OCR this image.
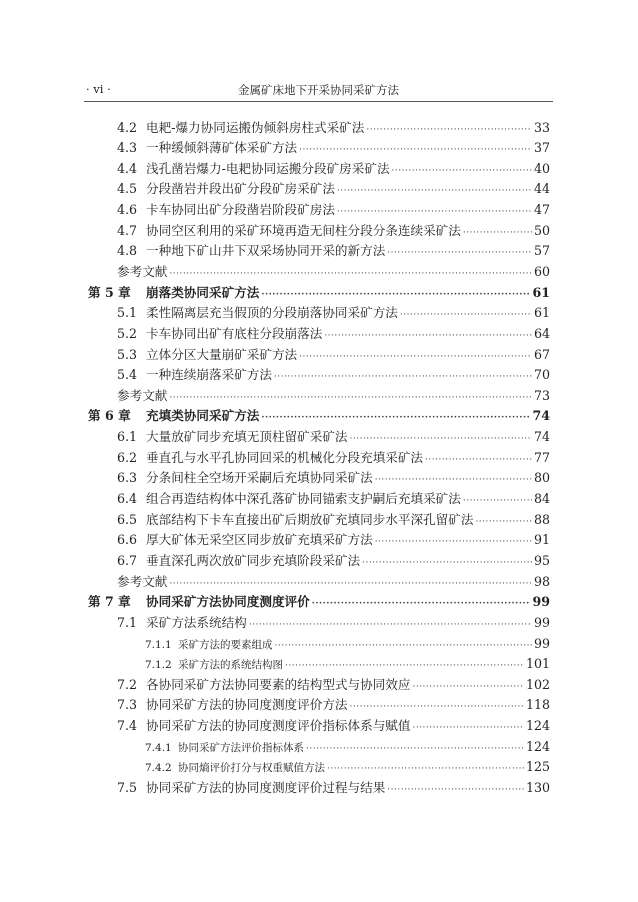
· vi ·	金属矿床地下开采协同采矿方法
4.2 电耙-爆力协同运搬伪倾斜房柱式采矿法 ·····	33
4.3 一种缓倾斜薄矿体采矿方法 ·····	37
4.4 浅孔凿岩爆力-电耙协同运搬分段矿房采矿法 ·····	40
4.5 分段凿岩并段出矿分段矿房采矿法 ·····	44
4.6 卡车协同出矿分段凿岩阶段矿房法 ·····	47
4.7 协同空区利用的采矿环境再造无间柱分段分条连续采矿法 ·····	50
4.8 一种地下矿山井下双采场协同开采的新方法 ·····	57
参考文献 ·····	60
第 5 章	崩落类协同采矿方法 ·····	61
5.1 柔性隔离层充当假顶的分段崩落协同采矿方法 ·····	61
5.2 卡车协同出矿有底柱分段崩落法 ·····	64
5.3 立体分区大量崩矿采矿方法 ·····	67
5.4 一种连续崩落采矿方法 ·····	70
参考文献 ·····	73
第 6 章	充填类协同采矿方法 ·····	74
6.1 大量放矿同步充填无顶柱留矿采矿法 ·····	74
6.2 垂直孔与水平孔协同回采的机械化分段充填采矿法 ·····	77
6.3 分条间柱全空场开采嗣后充填协同采矿法 ·····	80
6.4 组合再造结构体中深孔落矿协同锚索支护嗣后充填采矿法 ·····	84
6.5 底部结构下卡车直接出矿后期放矿充填同步水平深孔留矿法 ·····	88
6.6 厚大矿体无采空区同步放矿充填采矿方法 ·····	91
6.7 垂直深孔两次放矿同步充填阶段采矿法 ·····	95
参考文献 ·····	98
第 7 章	协同采矿方法协同度测度评价 ·····	99
7.1 采矿方法系统结构 ·····	99
7.1.1 采矿方法的要素组成 ·····	99
7.1.2 采矿方法的系统结构图 ·····	101
7.2 各协同采矿方法协同要素的结构型式与协同效应 ·····	102
7.3 协同采矿方法的协同度测度评价方法 ·····	118
7.4 协同采矿方法的协同度测度评价指标体系与赋值 ·····	124
7.4.1 协同采矿方法评价指标体系 ·····	124
7.4.2 协同熵评价打分与权重赋值方法 ·····	125
7.5 协同采矿方法的协同度测度评价过程与结果 ·····	130
